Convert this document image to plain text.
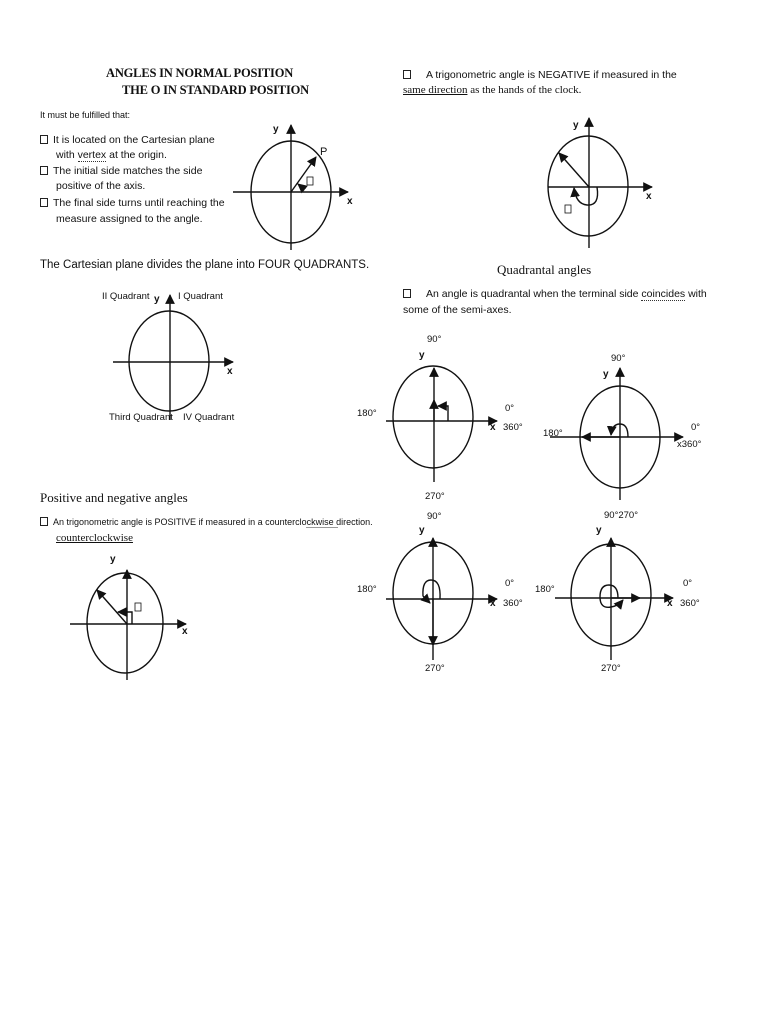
ANGLES IN NORMAL POSITION
THE O IN STANDARD POSITION
It must be fulfilled that:
It is located on the Cartesian plane
with vertex at the origin.
The initial side matches the side
positive of the axis.
The final side turns until reaching the
measure assigned to the angle.
The Cartesian plane divides the plane into FOUR QUADRANTS.
Positive and negative angles
An trigonometric angle is POSITIVE if measured in a counterclockwise direction.
counterclockwise
A trigonometric angle is NEGATIVE if measured in the
same direction as the hands of the clock.
Quadrantal angles
An angle is quadrantal when the terminal side coincides with
some of the semi-axes.
y
x
P
II Quadrant y I Quadrant
x
Third Quadrant IV Quadrant
y
x
y
x
90°
y
180°	0°
x 360°
270°
90°
y
180°
0°
x360°
90°
y
180°
0°
x 360°
270°
90°270°
y
180°
0°
x 360°
270°
